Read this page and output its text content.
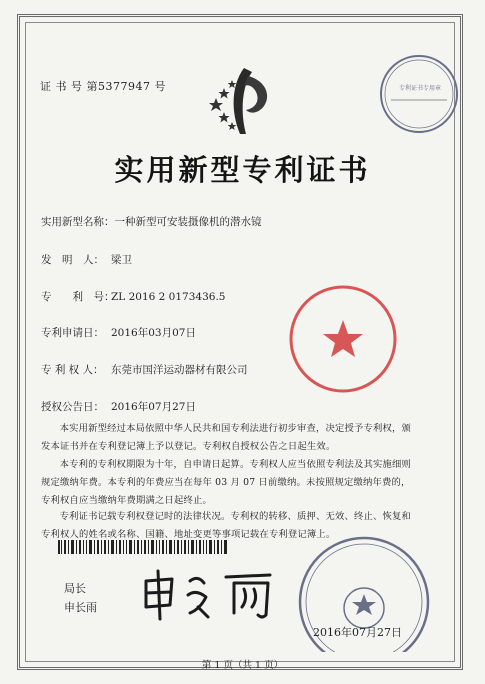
证 书 号 第5377947 号	专利证书专用章
实用新型专利证书
实用新型名称：一种新型可安装摄像机的潜水镜
发　明　人： 梁卫
专　　利　号：ZL 2016 2 0173436.5
专利申请日： 2016年03月07日
专 利 权 人： 东莞市国洋运动器材有限公司
授权公告日： 2016年07月27日
本实用新型经过本局依照中华人民共和国专利法进行初步审查，决定授予专利权，颁
发本证书并在专利登记簿上予以登记。专利权自授权公告之日起生效。
本专利的专利权期限为十年，自申请日起算。专利权人应当依照专利法及其实施细则
规定缴纳年费。本专利的年费应当在每年 03 月 07 日前缴纳。未按照规定缴纳年费的，
专利权自应当缴纳年费期满之日起终止。
专利证书记载专利权登记时的法律状况。专利权的转移、质押、无效、终止、恢复和
专利权人的姓名或名称、国籍、地址变更等事项记载在专利登记簿上。
局长
申长雨
2016年07月27日
第 1 页（共 1 页）
